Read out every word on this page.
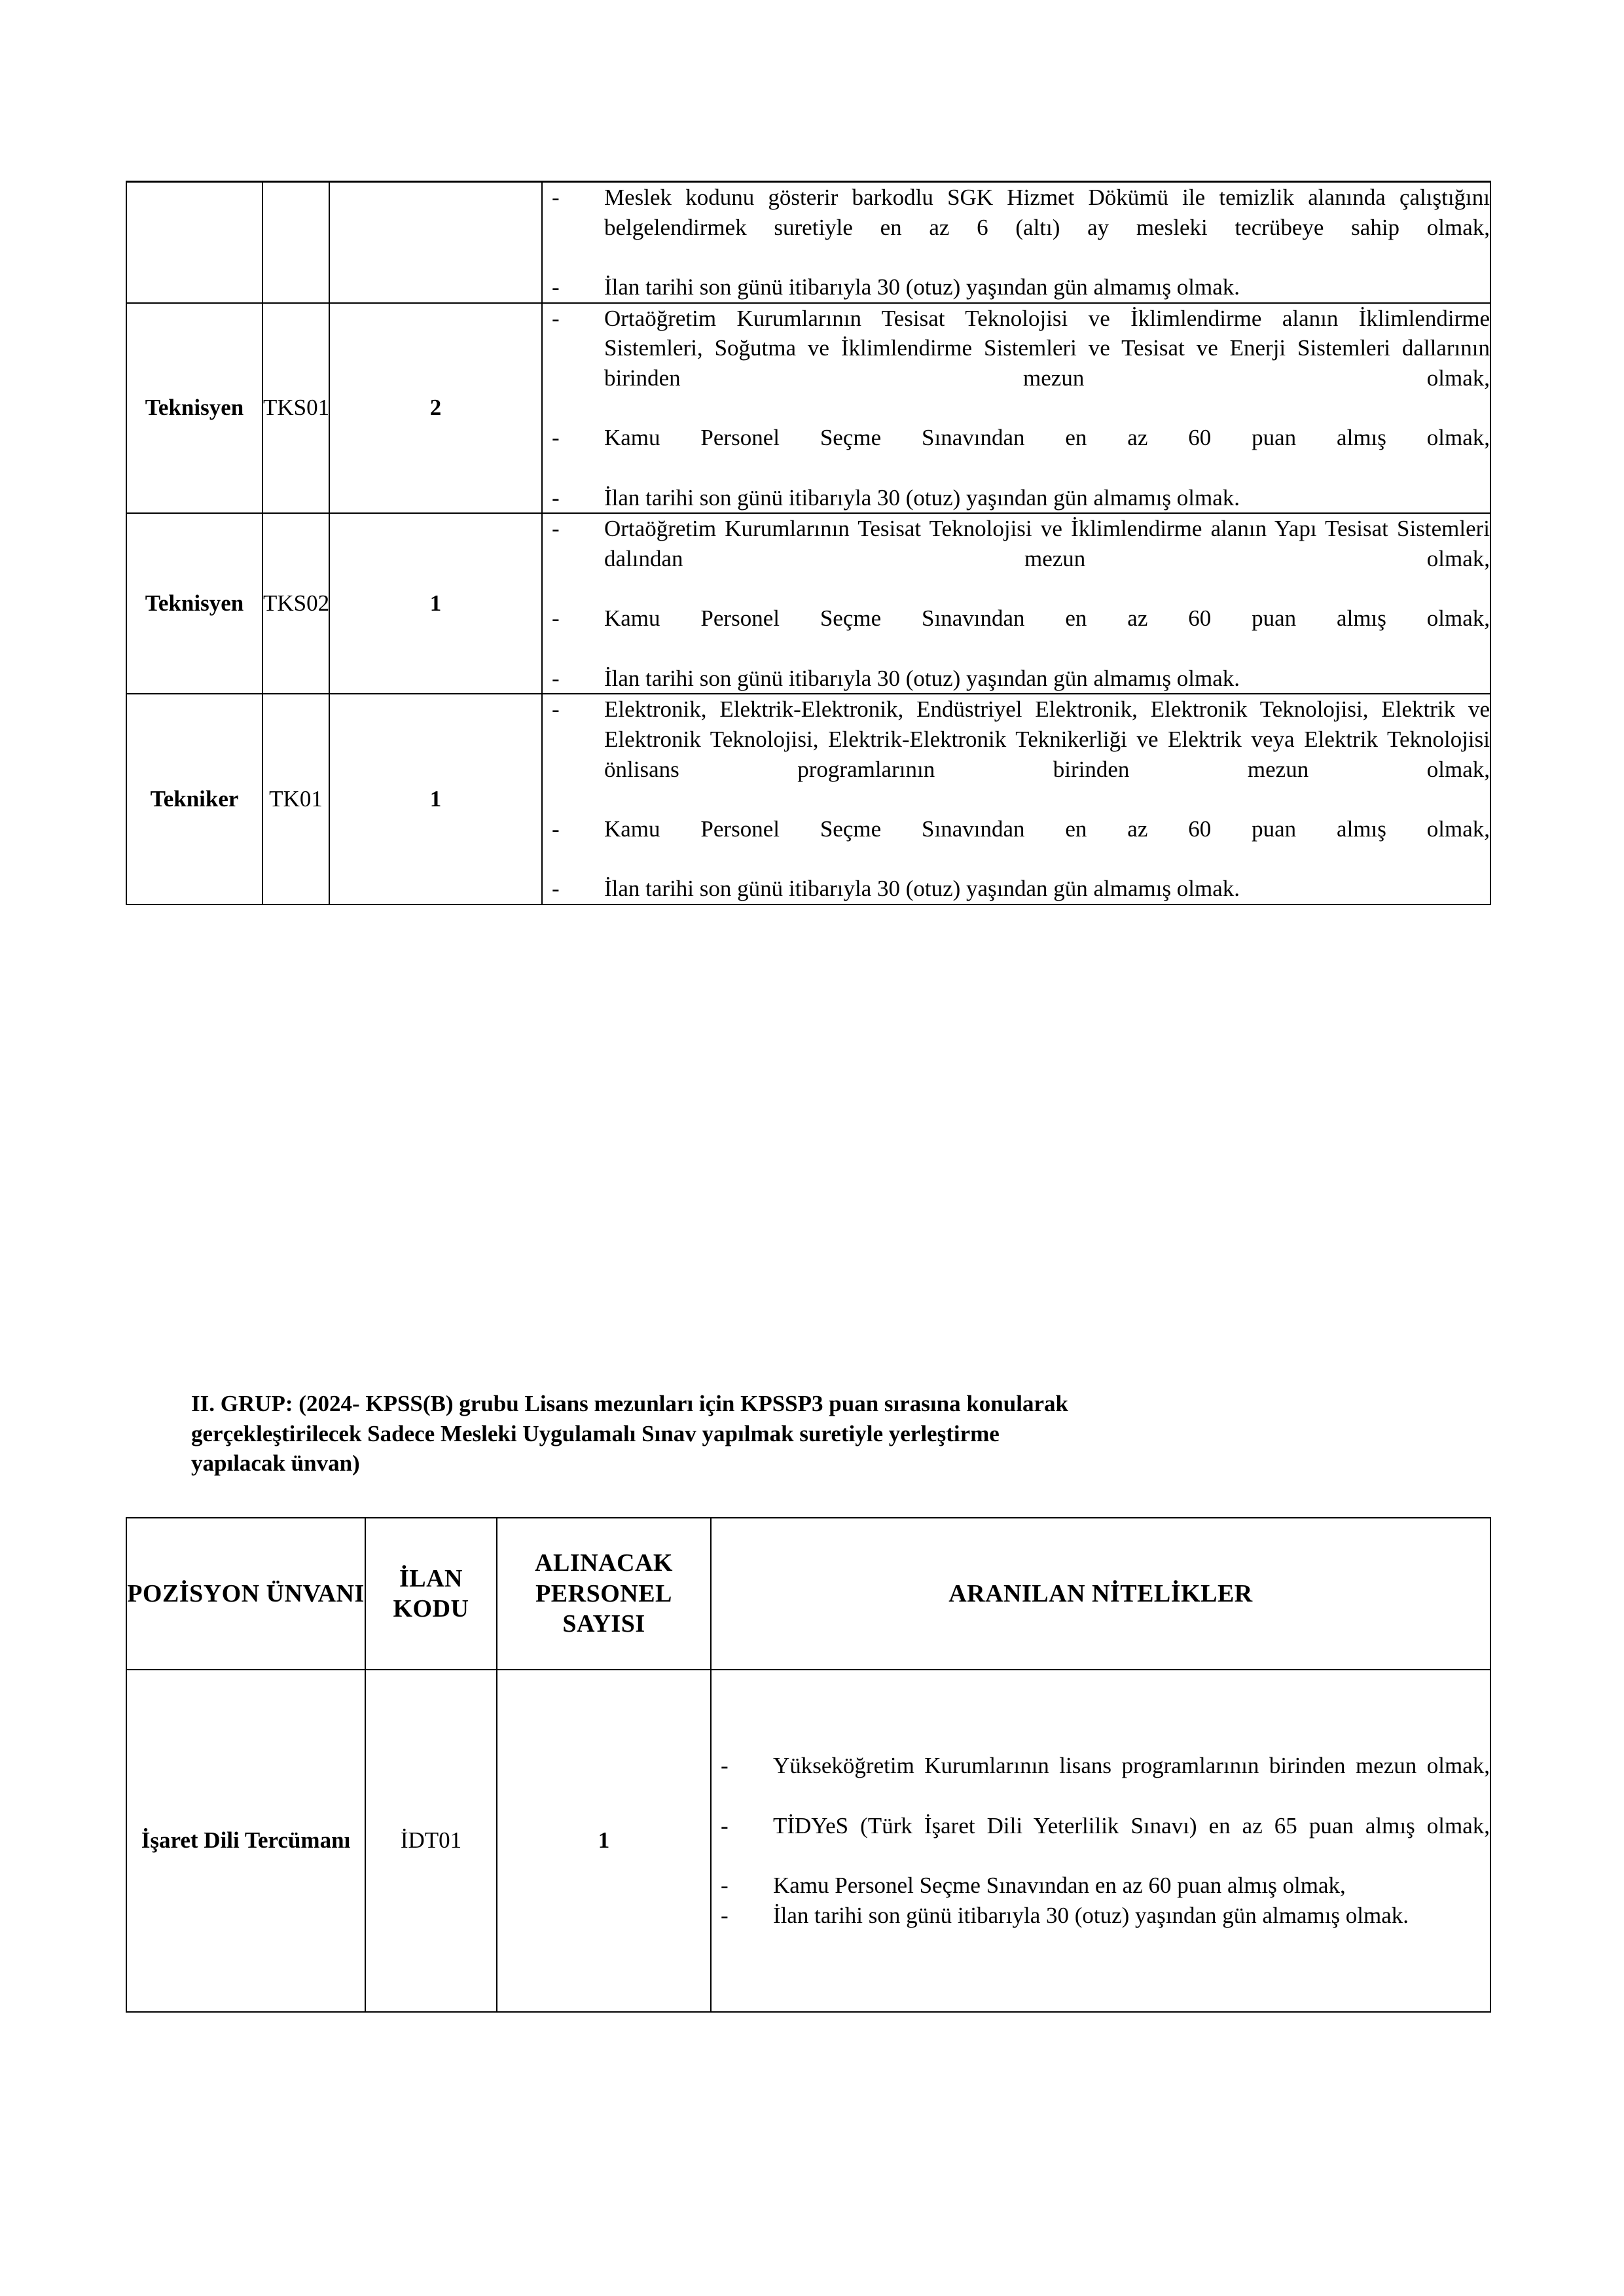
- Meslek kodunu gösterir barkodlu SGK Hizmet Dökümü ile temizlik alanında çalıştığını belgelendirmek suretiyle en az 6 (altı) ay mesleki tecrübeye sahip olmak,
- İlan tarihi son günü itibarıyla 30 (otuz) yaşından gün almamış olmak.

Teknisyen	TKS01	2	
- Ortaöğretim Kurumlarının Tesisat Teknolojisi ve İklimlendirme alanın İklimlendirme Sistemleri, Soğutma ve İklimlendirme Sistemleri ve Tesisat ve Enerji Sistemleri dallarının birinden mezun olmak,
- Kamu Personel Seçme Sınavından en az 60 puan almış olmak,
- İlan tarihi son günü itibarıyla 30 (otuz) yaşından gün almamış olmak.

Teknisyen	TKS02	1	
- Ortaöğretim Kurumlarının Tesisat Teknolojisi ve İklimlendirme alanın Yapı Tesisat Sistemleri dalından mezun olmak,
- Kamu Personel Seçme Sınavından en az 60 puan almış olmak,
- İlan tarihi son günü itibarıyla 30 (otuz) yaşından gün almamış olmak.

Tekniker	TK01	1	
- Elektronik, Elektrik-Elektronik, Endüstriyel Elektronik, Elektronik Teknolojisi, Elektrik ve Elektronik Teknolojisi, Elektrik-Elektronik Teknikerliği ve Elektrik veya Elektrik Teknolojisi önlisans programlarının birinden mezun olmak,
- Kamu Personel Seçme Sınavından en az 60 puan almış olmak,
- İlan tarihi son günü itibarıyla 30 (otuz) yaşından gün almamış olmak.
II. GRUP: (2024- KPSS(B) grubu Lisans mezunları için KPSSP3 puan sırasına konularak
gerçekleştirilecek Sadece Mesleki Uygulamalı Sınav yapılmak suretiyle yerleştirme
yapılacak ünvan)
POZİSYON ÜNVANI	İLAN KODU	ALINACAK PERSONEL SAYISI	ARANILAN NİTELİKLER
İşaret Dili Tercümanı	İDT01	1	
- Yükseköğretim Kurumlarının lisans programlarının birinden mezun olmak,
- TİDYeS (Türk İşaret Dili Yeterlilik Sınavı) en az 65 puan almış olmak,
- Kamu Personel Seçme Sınavından en az 60 puan almış olmak,
- İlan tarihi son günü itibarıyla 30 (otuz) yaşından gün almamış olmak.
